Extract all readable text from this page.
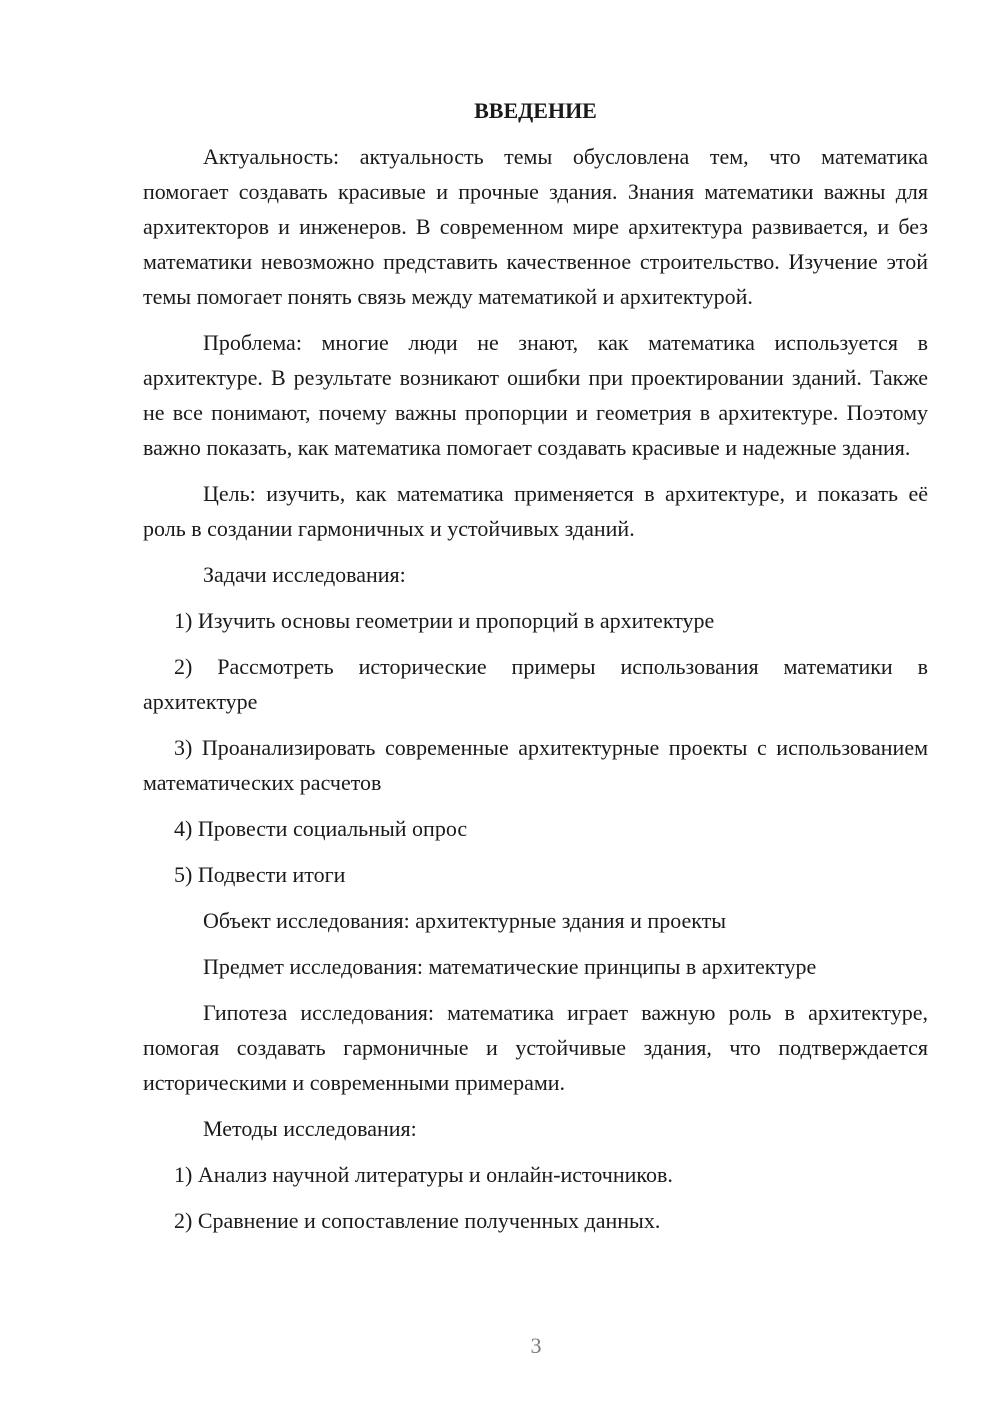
ВВЕДЕНИЕ

Актуальность: актуальность темы обусловлена тем, что математика помогает создавать красивые и прочные здания. Знания математики важны для архитекторов и инженеров. В современном мире архитектура развивается, и без математики невозможно представить качественное строительство. Изучение этой темы помогает понять связь между математикой и архитектурой.

Проблема: многие люди не знают, как математика используется в архитектуре. В результате возникают ошибки при проектировании зданий. Также не все понимают, почему важны пропорции и геометрия в архитектуре. Поэтому важно показать, как математика помогает создавать красивые и надежные здания.

Цель: изучить, как математика применяется в архитектуре, и показать её роль в создании гармоничных и устойчивых зданий.

Задачи исследования:

1) Изучить основы геометрии и пропорций в архитектуре

2) Рассмотреть исторические примеры использования математики в архитектуре

3) Проанализировать современные архитектурные проекты с использованием математических расчетов

4) Провести социальный опрос

5) Подвести итоги

Объект исследования: архитектурные здания и проекты

Предмет исследования: математические принципы в архитектуре

Гипотеза исследования: математика играет важную роль в архитектуре, помогая создавать гармоничные и устойчивые здания, что подтверждается историческими и современными примерами.

Методы исследования:

1) Анализ научной литературы и онлайн-источников.

2) Сравнение и сопоставление полученных данных.

3
